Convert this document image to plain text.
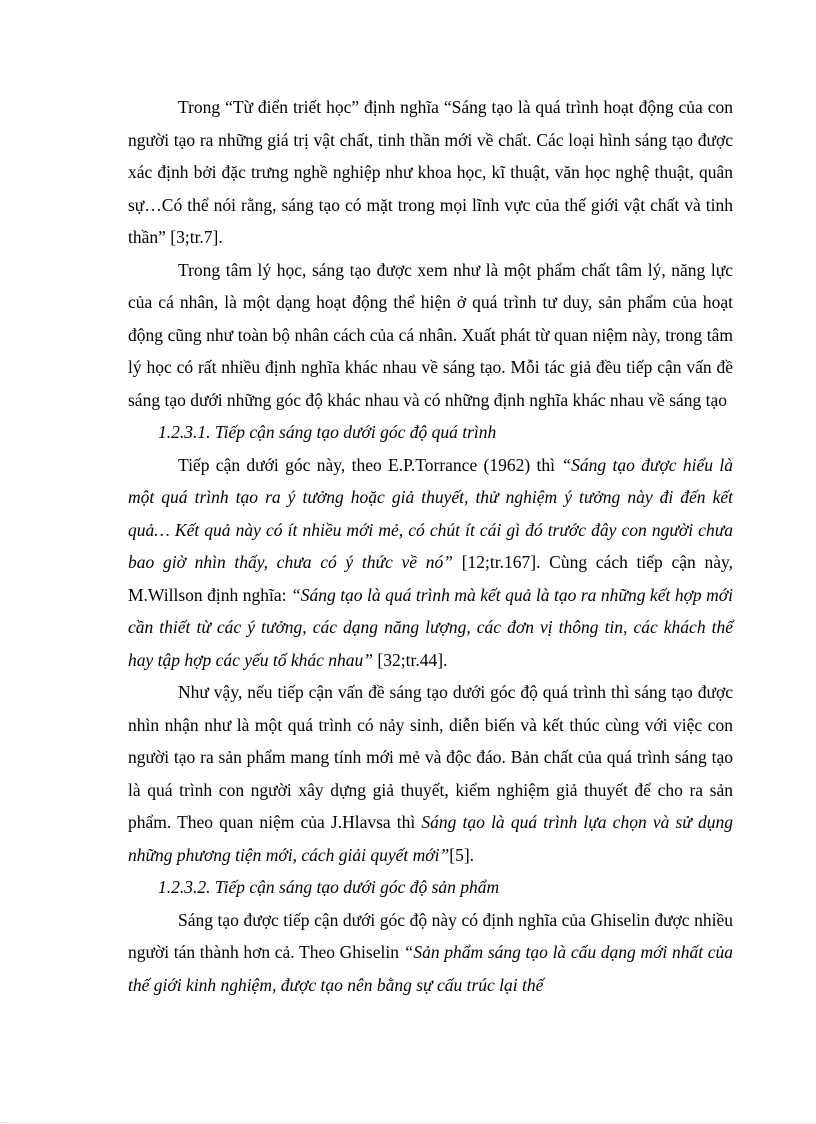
Trong “Từ điển triết học” định nghĩa “Sáng tạo là quá trình hoạt động của con người tạo ra những giá trị vật chất, tinh thần mới về chất. Các loại hình sáng tạo được xác định bởi đặc trưng nghề nghiệp như khoa học, kĩ thuật, văn học nghệ thuật, quân sự…Có thể nói rằng, sáng tạo có mặt trong mọi lĩnh vực của thế giới vật chất và tinh thần” [3;tr.7].

Trong tâm lý học, sáng tạo được xem như là một phẩm chất tâm lý, năng lực của cá nhân, là một dạng hoạt động thể hiện ở quá trình tư duy, sản phẩm của hoạt động cũng như toàn bộ nhân cách của cá nhân. Xuất phát từ quan niệm này, trong tâm lý học có rất nhiều định nghĩa khác nhau về sáng tạo. Mỗi tác giả đều tiếp cận vấn đề sáng tạo dưới những góc độ khác nhau và có những định nghĩa khác nhau về sáng tạo

1.2.3.1. Tiếp cận sáng tạo dưới góc độ quá trình

Tiếp cận dưới góc này, theo E.P.Torrance (1962) thì “Sáng tạo được hiểu là một quá trình tạo ra ý tưởng hoặc giả thuyết, thử nghiệm ý tưởng này đi đến kết quả… Kết quả này có ít nhiều mới mẻ, có chút ít cái gì đó trước đây con người chưa bao giờ nhìn thấy, chưa có ý thức về nó” [12;tr.167]. Cùng cách tiếp cận này, M.Willson định nghĩa: “Sáng tạo là quá trình mà kết quả là tạo ra những kết hợp mới cần thiết từ các ý tưởng, các dạng năng lượng, các đơn vị thông tin, các khách thể hay tập hợp các yếu tố khác nhau” [32;tr.44].

Như vậy, nếu tiếp cận vấn đề sáng tạo dưới góc độ quá trình thì sáng tạo được nhìn nhận như là một quá trình có nảy sinh, diễn biến và kết thúc cùng với việc con người tạo ra sản phẩm mang tính mới mẻ và độc đáo. Bản chất của quá trình sáng tạo là quá trình con người xây dựng giả thuyết, kiểm nghiệm giả thuyết để cho ra sản phẩm. Theo quan niệm của J.Hlavsa thì Sáng tạo là quá trình lựa chọn và sử dụng những phương tiện mới, cách giải quyết mới”[5].

1.2.3.2. Tiếp cận sáng tạo dưới góc độ sản phẩm

Sáng tạo được tiếp cận dưới góc độ này có định nghĩa của Ghiselin được nhiều người tán thành hơn cả. Theo Ghiselin “Sản phẩm sáng tạo là cấu dạng mới nhất của thế giới kinh nghiệm, được tạo nên bằng sự cấu trúc lại thế
